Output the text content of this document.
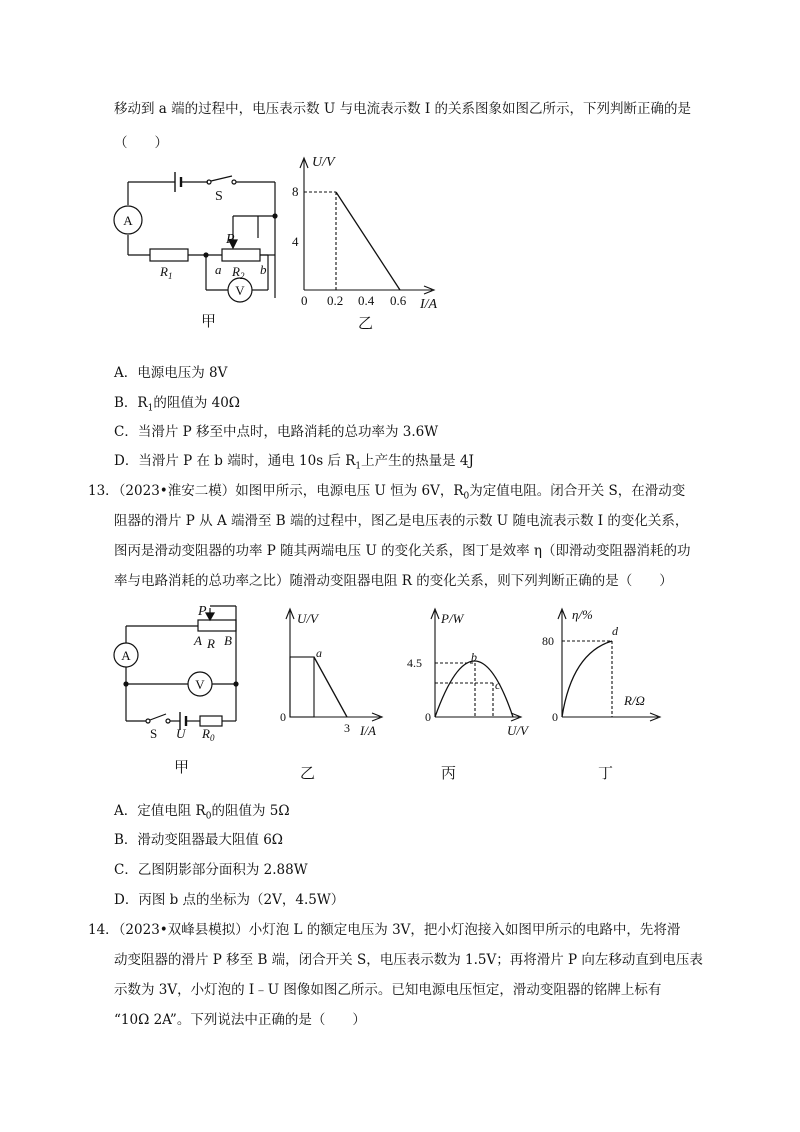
移动到 a 端的过程中，电压表示数 U 与电流表示数 I 的关系图象如图乙所示，下列判断正确的是
（　　）
A
V
S
P
$R_1$	a $R_2$ b
甲
U/V
8
4
0 0.2 0.4 0.6 I/A
乙
A．电源电压为 8V
B．$R_1$的阻值为 40Ω
C．当滑片 P 移至中点时，电路消耗的总功率为 3.6W
D．当滑片 P 在 b 端时，通电 10s 后 $R_1$上产生的热量是 4J
13．（2023•淮安二模）如图甲所示，电源电压 U 恒为 6V，$R_0$为定值电阻。闭合开关 S，在滑动变
阻器的滑片 P 从 A 端滑至 B 端的过程中，图乙是电压表的示数 U 随电流表示数 I 的变化关系，
图丙是滑动变阻器的功率 P 随其两端电压 U 的变化关系，图丁是效率 η（即滑动变阻器消耗的功
率与电路消耗的总功率之比）随滑动变阻器电阻 R 的变化关系，则下列判断正确的是（　　）
A
V
P
A R B
S U $R_0$
甲
U/V
0
3
a
I/A
乙
P/W
4.5
0
b
c
U/V
丙
η/%
80
0
d
R/Ω
丁
A．定值电阻 $R_0$的阻值为 5Ω
B．滑动变阻器最大阻值 6Ω
C．乙图阴影部分面积为 2.88W
D．丙图 b 点的坐标为（2V，4.5W）
14．（2023•双峰县模拟）小灯泡 L 的额定电压为 3V，把小灯泡接入如图甲所示的电路中，先将滑
动变阻器的滑片 P 移至 B 端，闭合开关 S，电压表示数为 1.5V；再将滑片 P 向左移动直到电压表
示数为 3V，小灯泡的 I﹣U 图像如图乙所示。已知电源电压恒定，滑动变阻器的铭牌上标有
“10Ω 2A”。下列说法中正确的是（　　）
